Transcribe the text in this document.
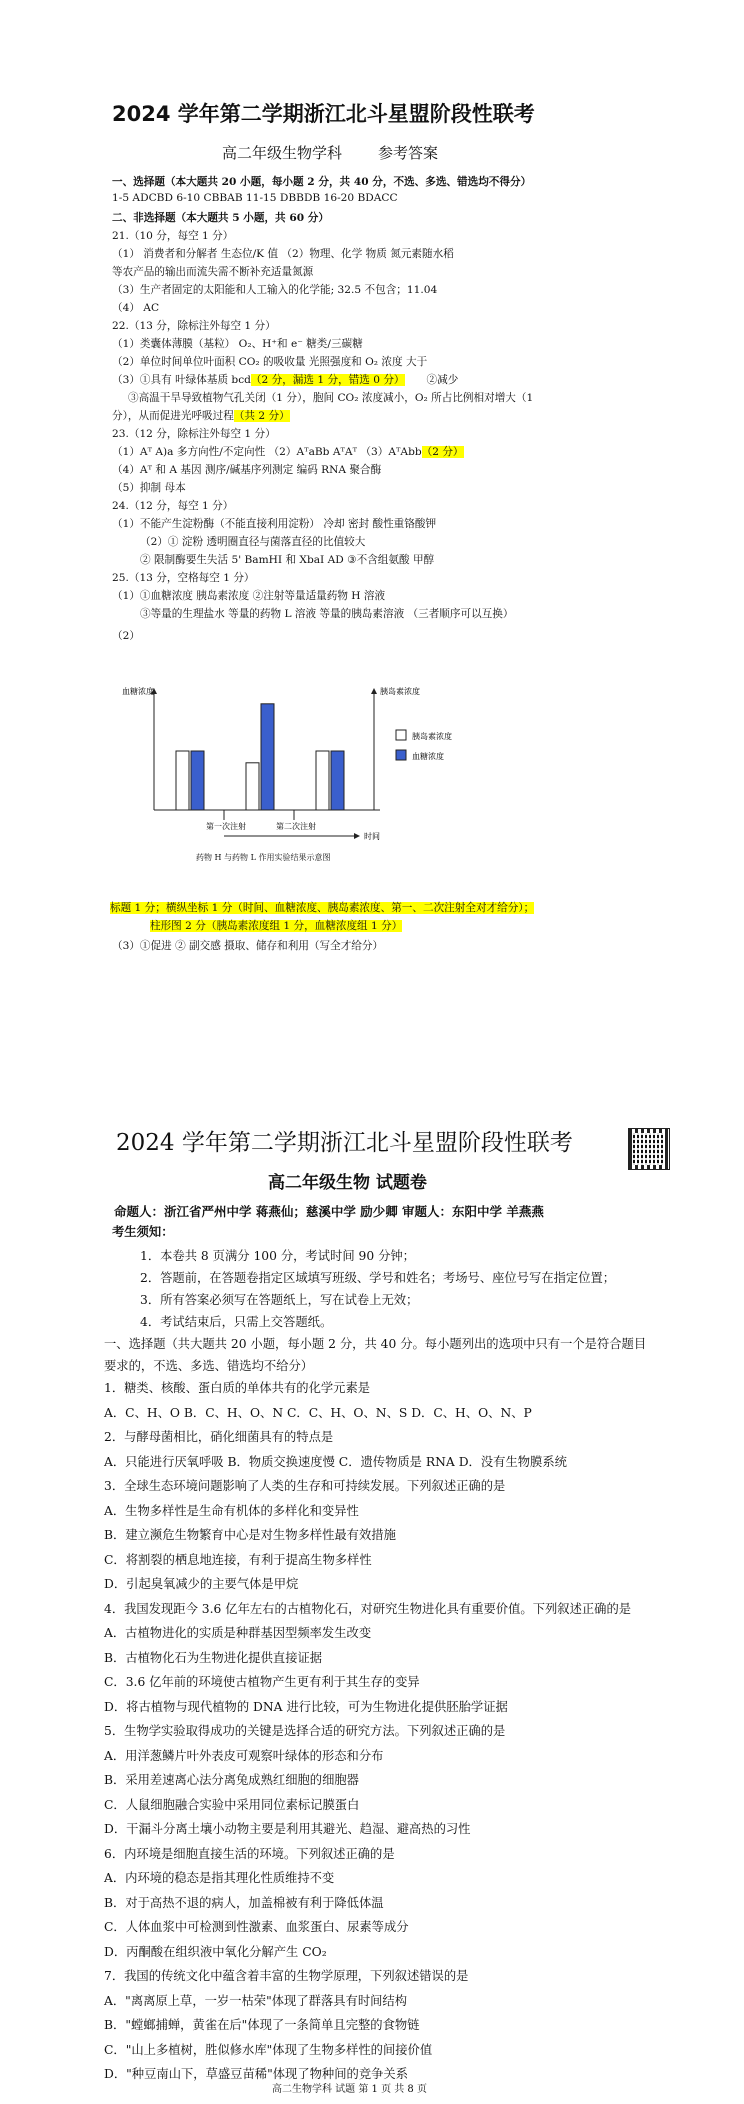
2024 学年第二学期浙江北斗星盟阶段性联考
高二年级生物学科 参考答案
一、选择题（本大题共 20 小题，每小题 2 分，共 40 分，不选、多选、错选均不得分）
1-5 ADCBD 6-10 CBBAB 11-15 DBBDB 16-20 BDACC
二、非选择题（本大题共 5 小题，共 60 分）
21.（10 分，每空 1 分）
（1） 消费者和分解者 生态位/K 值 （2）物理、化学 物质 氮元素随水稻
等农产品的输出而流失需不断补充适量氮源
（3）生产者固定的太阳能和人工输入的化学能; 32.5 不包含；11.04
（4） AC
22.（13 分，除标注外每空 1 分）
（1）类囊体薄膜（基粒） O₂、H⁺和 e⁻ 糖类/三碳糖
（2）单位时间单位叶面积 CO₂ 的吸收量 光照强度和 O₂ 浓度 大于
（3）①具有 叶绿体基质 bcd（2 分，漏选 1 分，错选 0 分） ②减少
③高温干旱导致植物气孔关闭（1 分），胞间 CO₂ 浓度减小，O₂ 所占比例相对增大（1
分），从而促进光呼吸过程（共 2 分）
23.（12 分，除标注外每空 1 分）
（1）Aᵀ A)a 多方向性/不定向性 （2）AᵀaBb AᵀAᵀ （3）AᵀAbb（2 分）
（4）Aᵀ 和 A 基因 测序/碱基序列测定 编码 RNA 聚合酶
（5）抑制 母本
24.（12 分，每空 1 分）
（1）不能产生淀粉酶（不能直接利用淀粉） 冷却 密封 酸性重铬酸钾
（2）① 淀粉 透明圈直径与菌落直径的比值较大
② 限制酶要生失活 5' BamHI 和 XbaI AD ③不含组氨酸 甲醇
25.（13 分，空格每空 1 分）
（1）①血糖浓度 胰岛素浓度 ②注射等量适量药物 H 溶液
③等量的生理盐水 等量的药物 L 溶液 等量的胰岛素溶液 （三者顺序可以互换）
（2）
血糖浓度	胰岛素浓度
第一次注射	第二次注射
时间
胰岛素浓度
血糖浓度
药物 H 与药物 L 作用实验结果示意图
标题 1 分；横纵坐标 1 分（时间、血糖浓度、胰岛素浓度、第一、二次注射全对才给分）；
柱形图 2 分（胰岛素浓度组 1 分，血糖浓度组 1 分）
（3）①促进 ② 副交感 摄取、储存和利用（写全才给分）
2024 学年第二学期浙江北斗星盟阶段性联考
高二年级生物 试题卷
命题人：浙江省严州中学 蒋燕仙；慈溪中学 励少卿 审题人：东阳中学 羊燕燕
考生须知：
1．本卷共 8 页满分 100 分，考试时间 90 分钟；
2．答题前，在答题卷指定区域填写班级、学号和姓名；考场号、座位号写在指定位置；
3．所有答案必须写在答题纸上，写在试卷上无效；
4．考试结束后，只需上交答题纸。
一、选择题（共大题共 20 小题，每小题 2 分，共 40 分。每小题列出的选项中只有一个是符合题目
要求的，不选、多选、错选均不给分）
1．糖类、核酸、蛋白质的单体共有的化学元素是
A．C、H、O B．C、H、O、N C．C、H、O、N、S D．C、H、O、N、P
2．与酵母菌相比，硝化细菌具有的特点是
A．只能进行厌氧呼吸 B．物质交换速度慢 C．遗传物质是 RNA D．没有生物膜系统
3．全球生态环境问题影响了人类的生存和可持续发展。下列叙述正确的是
A．生物多样性是生命有机体的多样化和变异性
B．建立濒危生物繁育中心是对生物多样性最有效措施
C．将割裂的栖息地连接，有利于提高生物多样性
D．引起臭氧减少的主要气体是甲烷
4．我国发现距今 3.6 亿年左右的古植物化石，对研究生物进化具有重要价值。下列叙述正确的是
A．古植物进化的实质是种群基因型频率发生改变
B．古植物化石为生物进化提供直接证据
C．3.6 亿年前的环境使古植物产生更有利于其生存的变异
D．将古植物与现代植物的 DNA 进行比较，可为生物进化提供胚胎学证据
5．生物学实验取得成功的关键是选择合适的研究方法。下列叙述正确的是
A．用洋葱鳞片叶外表皮可观察叶绿体的形态和分布
B．采用差速离心法分离兔成熟红细胞的细胞器
C．人鼠细胞融合实验中采用同位素标记膜蛋白
D．干漏斗分离土壤小动物主要是利用其避光、趋湿、避高热的习性
6．内环境是细胞直接生活的环境。下列叙述正确的是
A．内环境的稳态是指其理化性质维持不变
B．对于高热不退的病人，加盖棉被有利于降低体温
C．人体血浆中可检测到性激素、血浆蛋白、尿素等成分
D．丙酮酸在组织液中氧化分解产生 CO₂
7．我国的传统文化中蕴含着丰富的生物学原理，下列叙述错误的是
A．"离离原上草，一岁一枯荣"体现了群落具有时间结构
B．"螳螂捕蝉，黄雀在后"体现了一条简单且完整的食物链
C．"山上多植树，胜似修水库"体现了生物多样性的间接价值
D．"种豆南山下，草盛豆苗稀"体现了物种间的竞争关系
高二生物学科 试题 第 1 页 共 8 页
